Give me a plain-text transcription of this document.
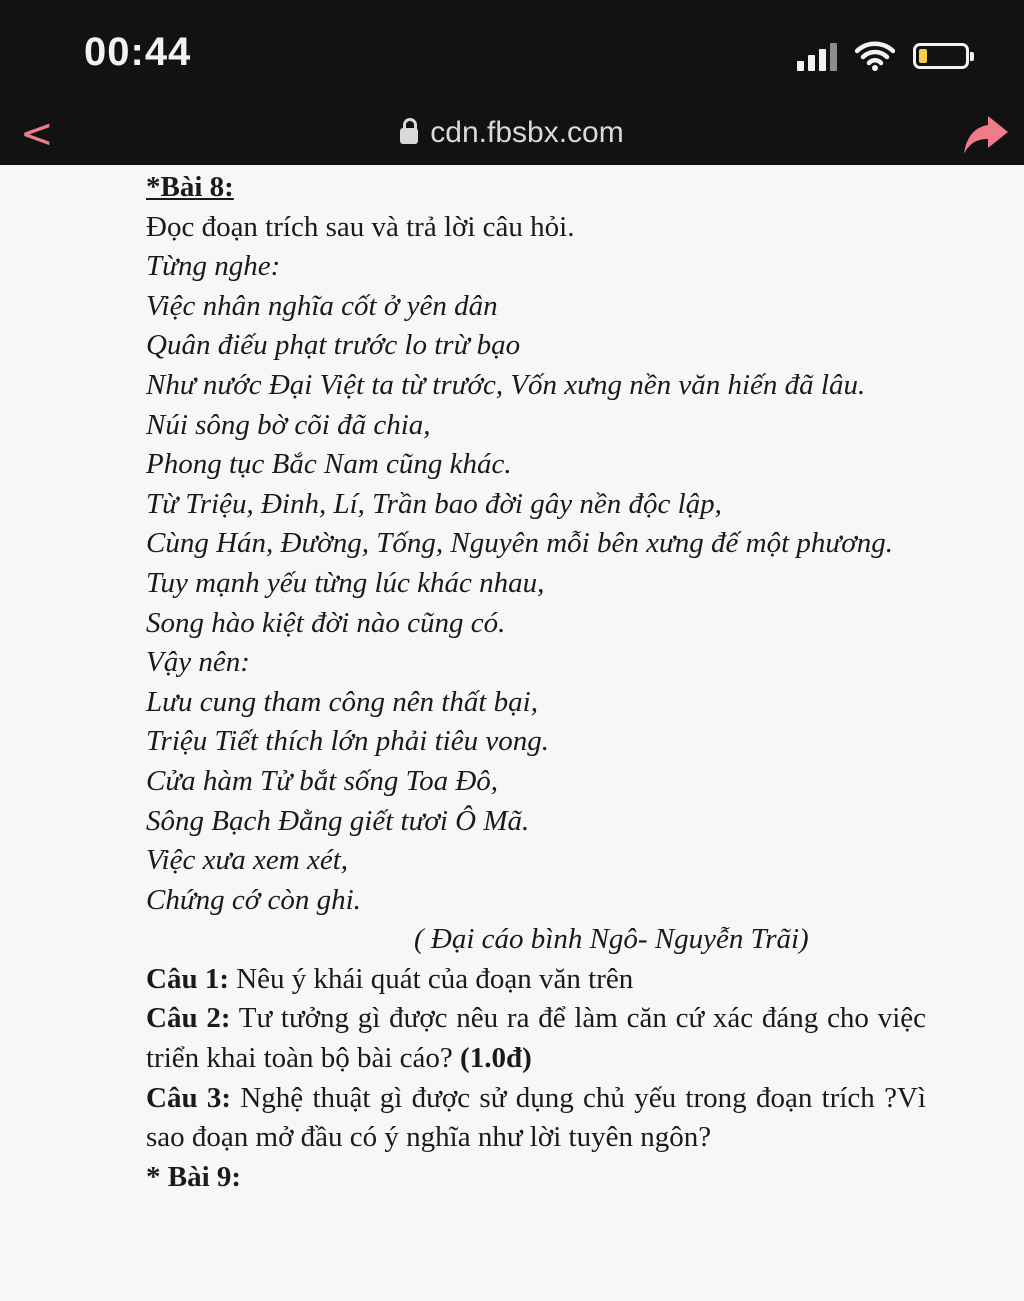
00:44
<	cdn.fbsbx.com
*Bài 8:
Đọc đoạn trích sau và trả lời câu hỏi.
Từng nghe:
Việc nhân nghĩa cốt ở yên dân
Quân điếu phạt trước lo trừ bạo
Như nước Đại Việt ta từ trước, Vốn xưng nền văn hiến đã lâu.
Núi sông bờ cõi đã chia,
Phong tục Bắc Nam cũng khác.
Từ Triệu, Đinh, Lí, Trần bao đời gây nền độc lập,
Cùng Hán, Đường, Tống, Nguyên mỗi bên xưng đế một phương.
Tuy mạnh yếu từng lúc khác nhau,
Song hào kiệt đời nào cũng có.
Vậy nên:
Lưu cung tham công nên thất bại,
Triệu Tiết thích lớn phải tiêu vong.
Cửa hàm Tử bắt sống Toa Đô,
Sông Bạch Đằng giết tươi Ô Mã.
Việc xưa xem xét,
Chứng cớ còn ghi.
( Đại cáo bình Ngô- Nguyễn Trãi)
Câu 1: Nêu ý khái quát của đoạn văn trên
Câu 2: Tư tưởng gì được nêu ra để làm căn cứ xác đáng cho việc triển khai toàn bộ bài cáo? (1.0đ)
Câu 3: Nghệ thuật gì được sử dụng chủ yếu trong đoạn trích ?Vì sao đoạn mở đầu có ý nghĩa như lời tuyên ngôn?
* Bài 9:
